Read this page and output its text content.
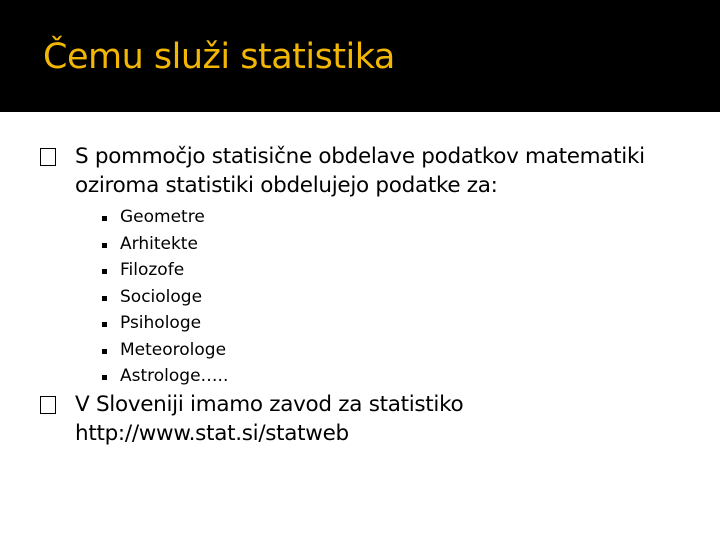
Čemu služi statistika
S pommočjo statisične obdelave podatkov matematiki oziroma statistiki obdelujejo podatke za:
Geometre
Arhitekte
Filozofe
Sociologe
Psihologe
Meteorologe
Astrologe…..
V Sloveniji imamo zavod za statistiko
http://www.stat.si/statweb
